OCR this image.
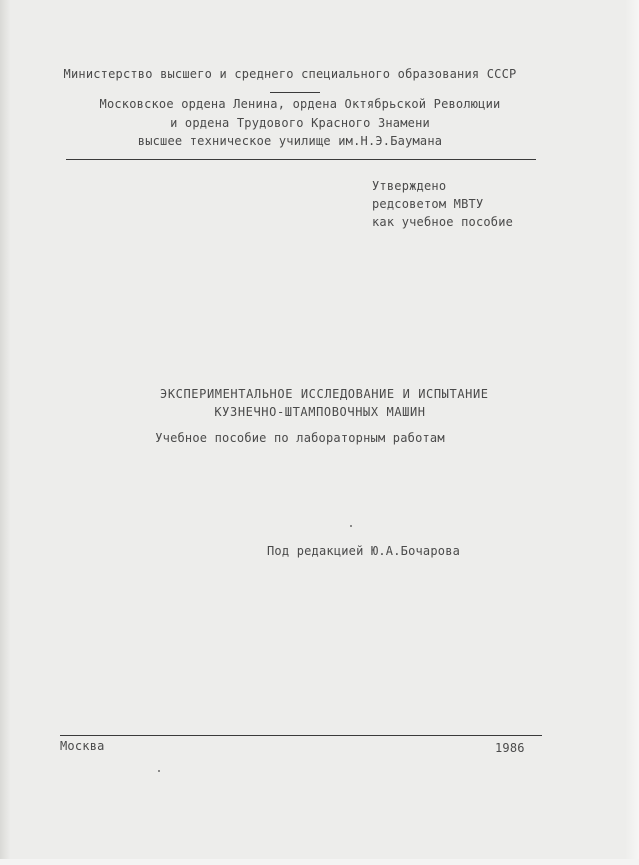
Министерство высшего и среднего специального образования СССР
Московское ордена Ленина, ордена Октябрьской Революции
и ордена Трудового Красного Знамени
высшее техническое училище им.Н.Э.Баумана
Утверждено
редсоветом МВТУ
как учебное пособие
ЭКСПЕРИМЕНТАЛЬНОЕ ИССЛЕДОВАНИЕ И ИСПЫТАНИЕ
КУЗНЕЧНО-ШТАМПОВОЧНЫХ МАШИН
Учебное пособие по лабораторным работам
Под редакцией Ю.А.Бочарова
Москва	1986
